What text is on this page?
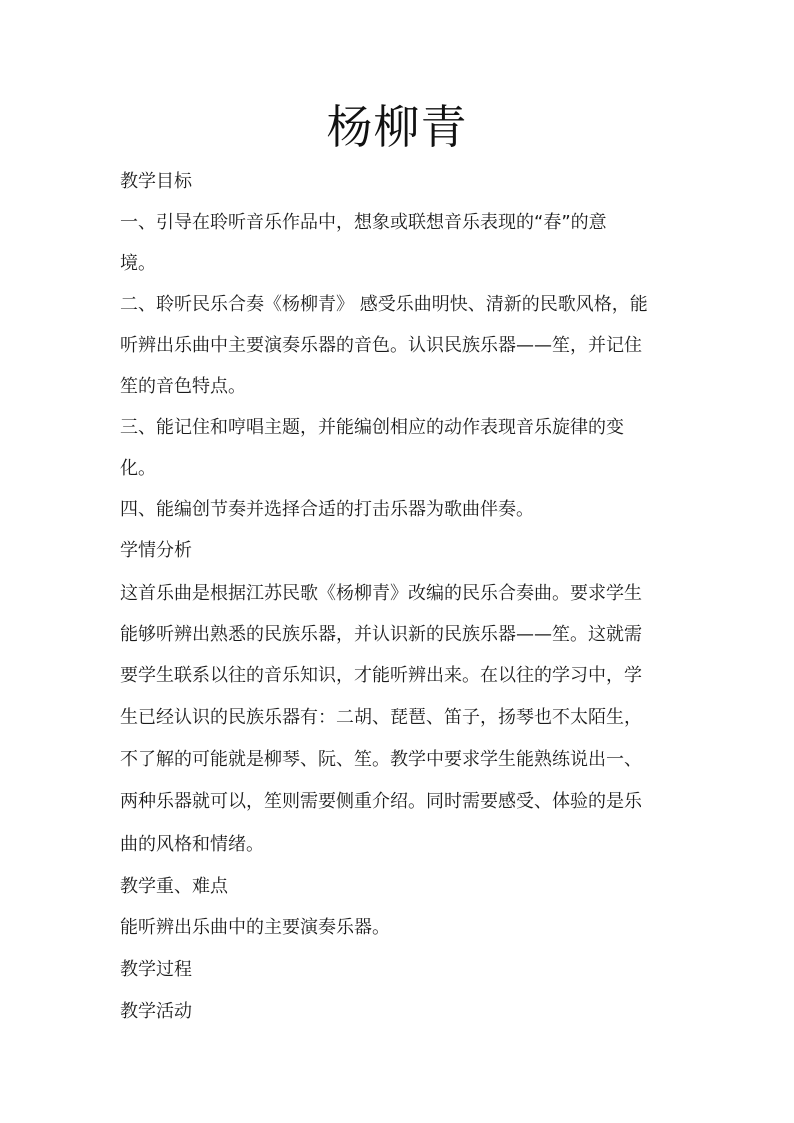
杨柳青
教学目标
一、引导在聆听音乐作品中，想象或联想音乐表现的“春”的意
境。
二、聆听民乐合奏《杨柳青》 感受乐曲明快、清新的民歌风格，能
听辨出乐曲中主要演奏乐器的音色。认识民族乐器——笙，并记住
笙的音色特点。
三、能记住和哼唱主题，并能编创相应的动作表现音乐旋律的变
化。
四、能编创节奏并选择合适的打击乐器为歌曲伴奏。
学情分析
这首乐曲是根据江苏民歌《杨柳青》改编的民乐合奏曲。要求学生
能够听辨出熟悉的民族乐器，并认识新的民族乐器——笙。这就需
要学生联系以往的音乐知识，才能听辨出来。在以往的学习中，学
生已经认识的民族乐器有：二胡、琵琶、笛子，扬琴也不太陌生，
不了解的可能就是柳琴、阮、笙。教学中要求学生能熟练说出一、
两种乐器就可以，笙则需要侧重介绍。同时需要感受、体验的是乐
曲的风格和情绪。
教学重、难点
能听辨出乐曲中的主要演奏乐器。
教学过程
教学活动
